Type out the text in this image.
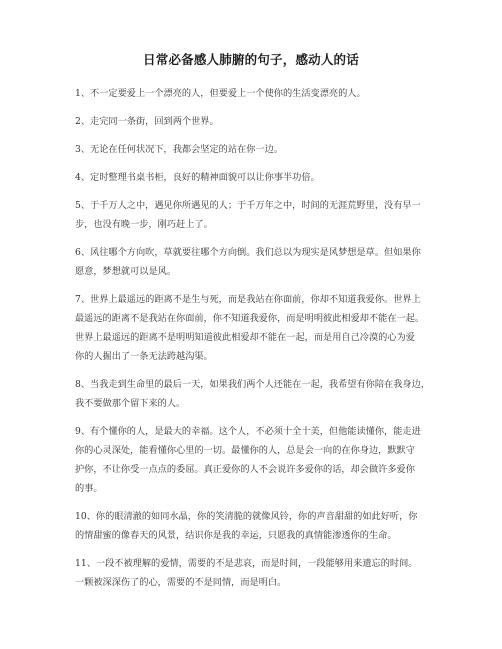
日常必备感人肺腑的句子，感动人的话
1、不一定要爱上一个漂亮的人，但要爱上一个使你的生活变漂亮的人。
2、走完同一条街，回到两个世界。
3、无论在任何状况下，我都会坚定的站在你一边。
4、定时整理书桌书柜，良好的精神面貌可以让你事半功倍。
5、于千万人之中，遇见你所遇见的人；于千万年之中，时间的无涯荒野里，没有早一
步，也没有晚一步，刚巧赶上了。
6、风往哪个方向吹，草就要往哪个方向倒。我们总以为现实是风梦想是草。但如果你
愿意，梦想就可以是风。
7、世界上最遥远的距离不是生与死，而是我站在你面前，你却不知道我爱你。世界上
最遥远的距离不是我站在你面前，你不知道我爱你，而是明明彼此相爱却不能在一起。
世界上最遥远的距离不是明明知道彼此相爱却不能在一起，而是用自己冷漠的心为爱
你的人掘出了一条无法跨越沟渠。
8、当我走到生命里的最后一天，如果我们两个人还能在一起，我希望有你陪在我身边，
我不要做那个留下来的人。
9、有个懂你的人，是最大的幸福。这个人，不必须十全十美，但他能读懂你，能走进
你的心灵深处，能看懂你心里的一切。最懂你的人，总是会一向的在你身边，默默守
护你，不让你受一点点的委屈。真正爱你的人不会说许多爱你的话，却会做许多爱你
的事。
10、你的眼清澈的如同水晶，你的笑清脆的就像风铃，你的声音甜甜的如此好听，你
的情甜蜜的像春天的风景，结识你是我的幸运，只愿我的真情能渗透你的生命。
11、一段不被理解的爱情，需要的不是悲哀，而是时间，一段能够用来遗忘的时间。
一颗被深深伤了的心，需要的不是同情，而是明白。
